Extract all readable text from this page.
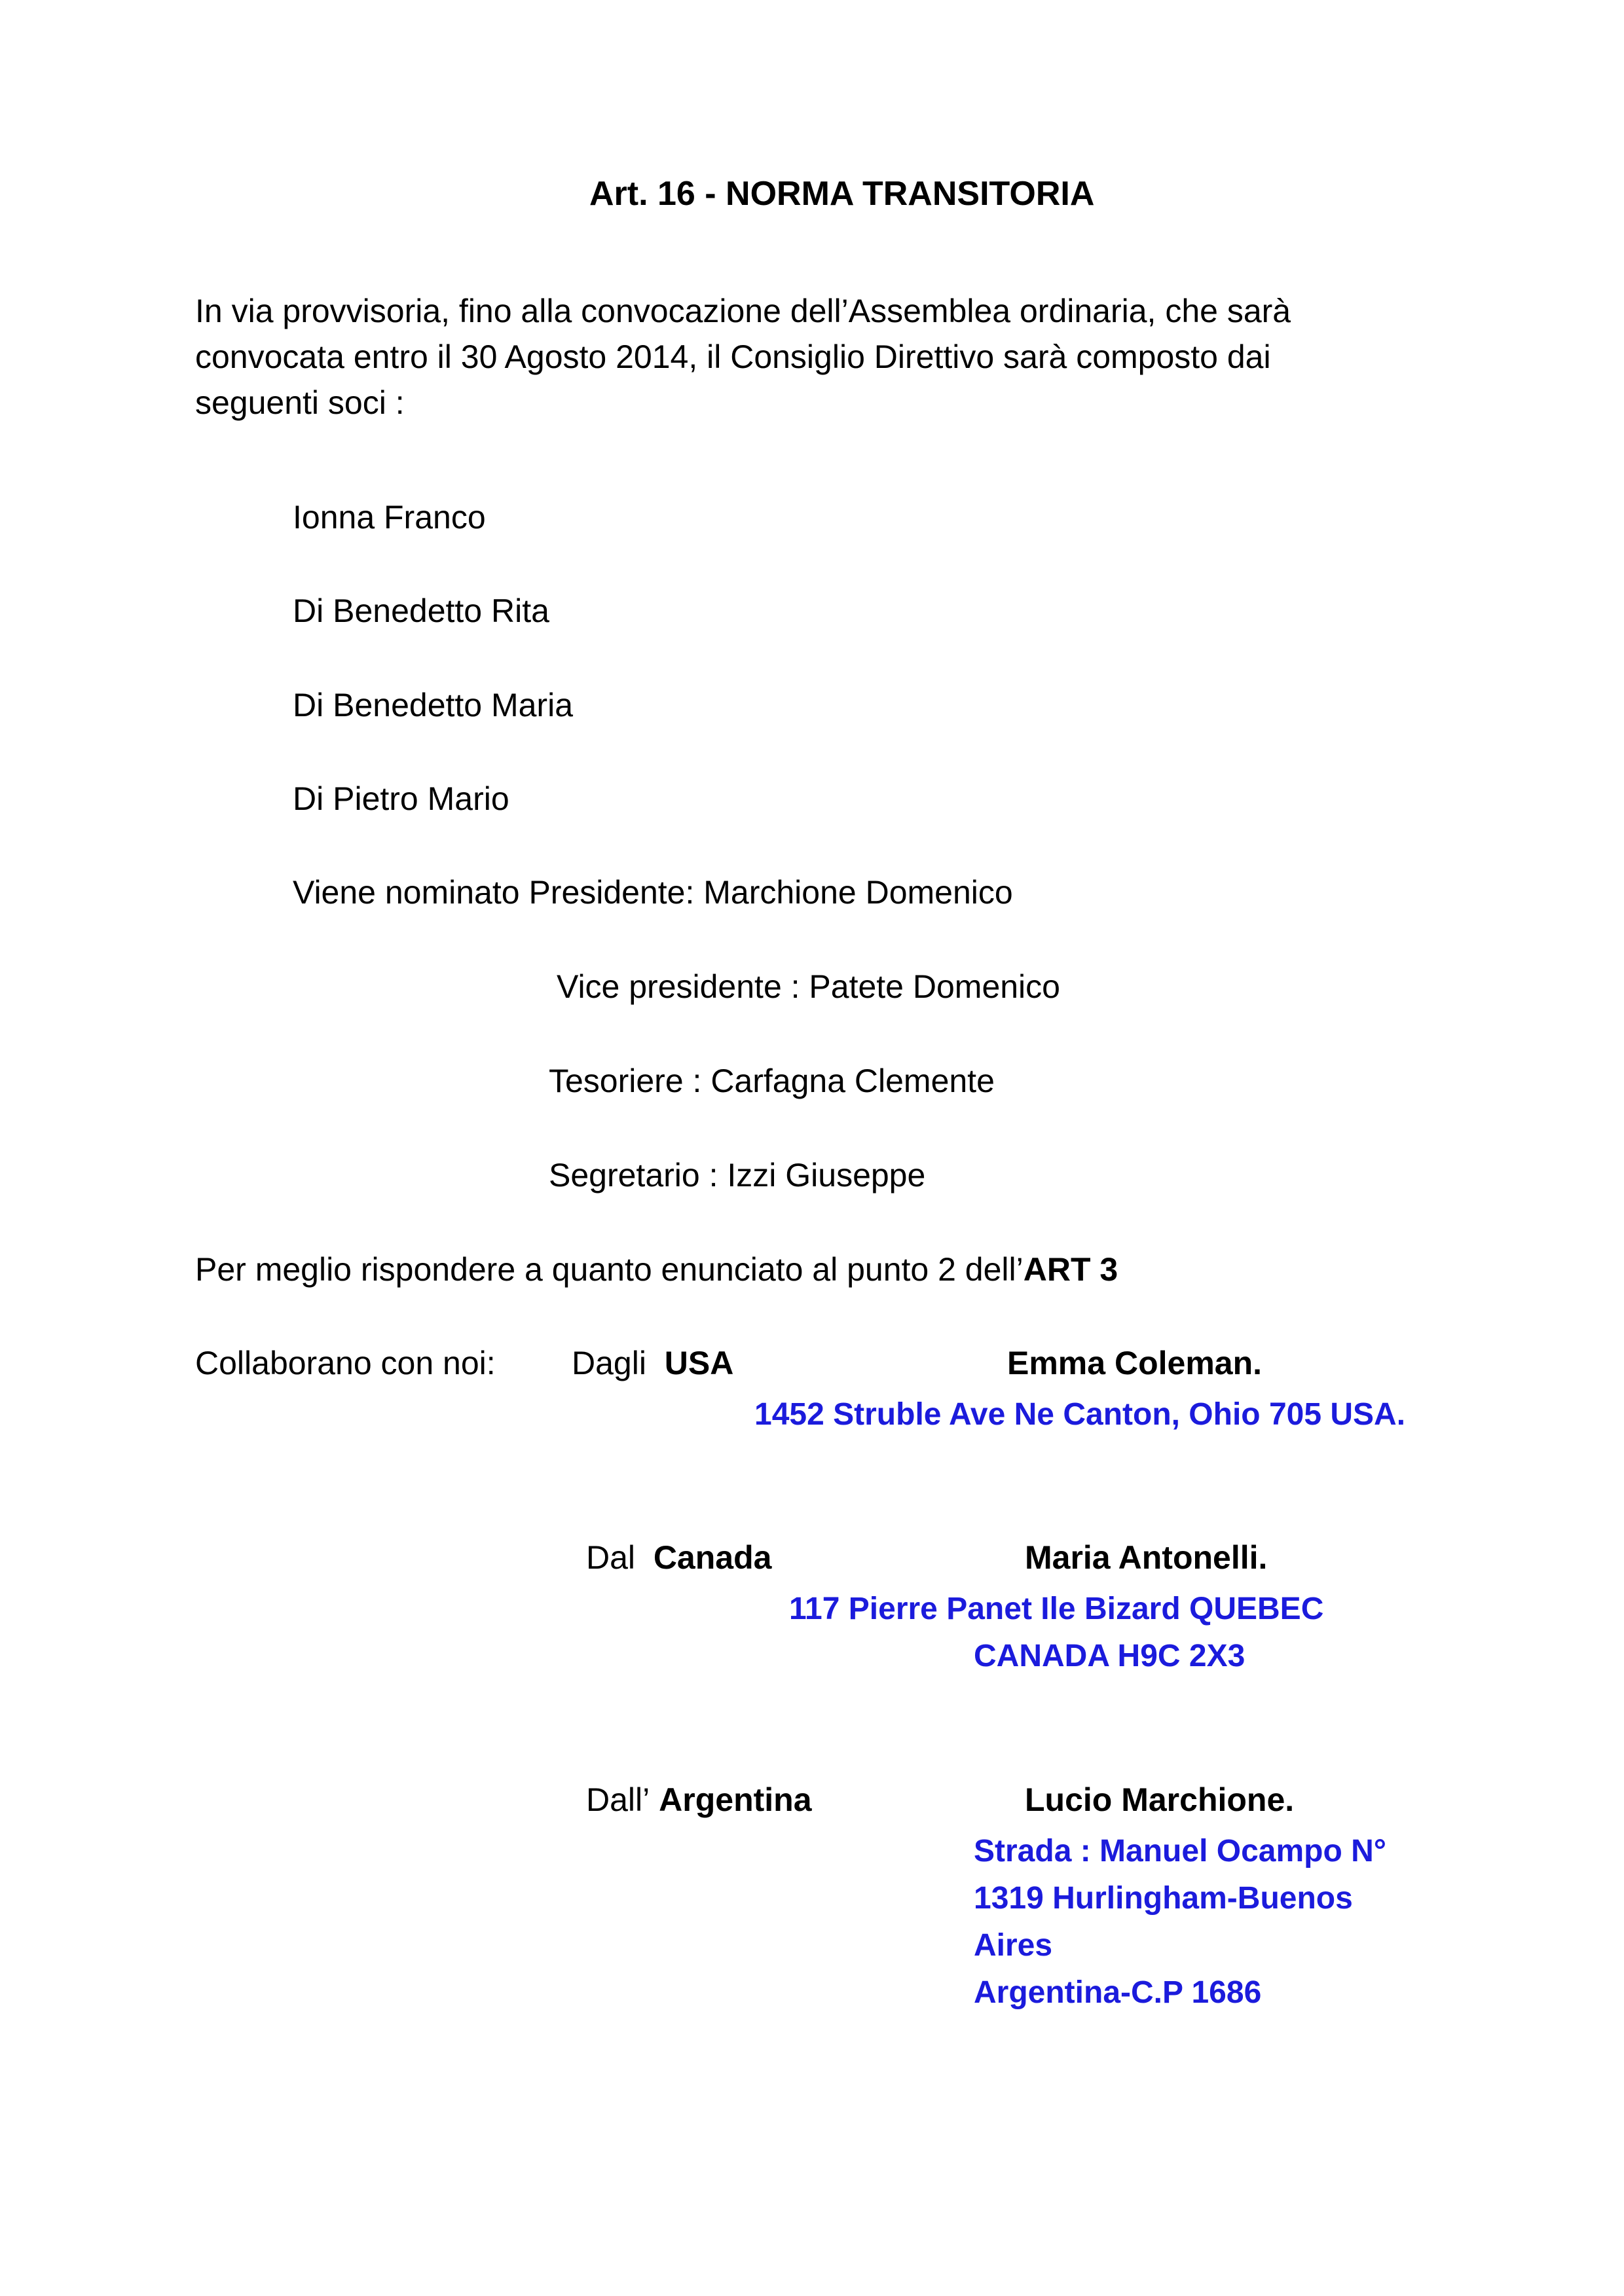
Art. 16 - NORMA TRANSITORIA
In via provvisoria, fino alla convocazione dell’Assemblea ordinaria, che sarà
convocata entro il 30 Agosto 2014, il Consiglio Direttivo sarà composto dai
seguenti soci :
Ionna Franco
Di Benedetto Rita
Di Benedetto Maria
Di Pietro Mario
Viene nominato Presidente: Marchione Domenico
Vice presidente : Patete Domenico
Tesoriere : Carfagna Clemente
Segretario : Izzi Giuseppe
Per meglio rispondere a quanto enunciato al punto 2 dell’ART 3
Collaborano con noi: Dagli USA	Emma Coleman.
1452 Struble Ave Ne Canton, Ohio 705 USA.
Dal Canada	Maria Antonelli.
117 Pierre Panet Ile Bizard QUEBEC
CANADA H9C 2X3
Dall’ Argentina	Lucio Marchione.
Strada : Manuel Ocampo N°
1319 Hurlingham-Buenos
Aires
Argentina-C.P 1686
